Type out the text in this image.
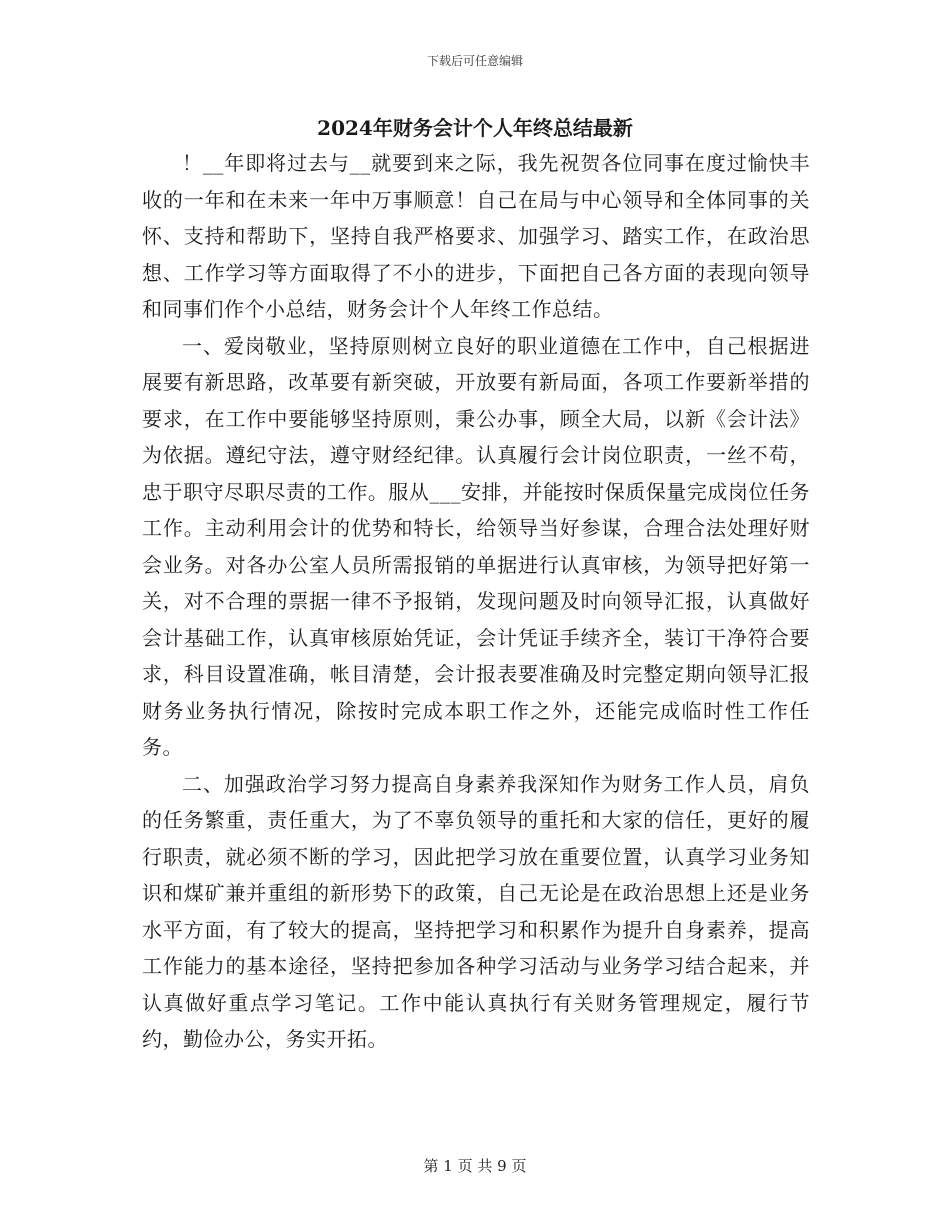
下载后可任意编辑
2024年财务会计个人年终总结最新

！__年即将过去与__就要到来之际，我先祝贺各位同事在度过愉快丰收的一年和在未来一年中万事顺意！自己在局与中心领导和全体同事的关怀、支持和帮助下，坚持自我严格要求、加强学习、踏实工作，在政治思想、工作学习等方面取得了不小的进步，下面把自己各方面的表现向领导和同事们作个小总结，财务会计个人年终工作总结。

一、爱岗敬业，坚持原则树立良好的职业道德在工作中，自己根据进展要有新思路，改革要有新突破，开放要有新局面，各项工作要新举措的要求，在工作中要能够坚持原则，秉公办事，顾全大局，以新《会计法》为依据。遵纪守法，遵守财经纪律。认真履行会计岗位职责，一丝不苟，忠于职守尽职尽责的工作。服从___安排，并能按时保质保量完成岗位任务工作。主动利用会计的优势和特长，给领导当好参谋，合理合法处理好财会业务。对各办公室人员所需报销的单据进行认真审核，为领导把好第一关，对不合理的票据一律不予报销，发现问题及时向领导汇报，认真做好会计基础工作，认真审核原始凭证，会计凭证手续齐全，装订干净符合要求，科目设置准确，帐目清楚，会计报表要准确及时完整定期向领导汇报财务业务执行情况，除按时完成本职工作之外，还能完成临时性工作任务。

二、加强政治学习努力提高自身素养我深知作为财务工作人员，肩负的任务繁重，责任重大，为了不辜负领导的重托和大家的信任，更好的履行职责，就必须不断的学习，因此把学习放在重要位置，认真学习业务知识和煤矿兼并重组的新形势下的政策，自己无论是在政治思想上还是业务水平方面，有了较大的提高，坚持把学习和积累作为提升自身素养，提高工作能力的基本途径，坚持把参加各种学习活动与业务学习结合起来，并认真做好重点学习笔记。工作中能认真执行有关财务管理规定，履行节约，勤俭办公，务实开拓。

第 1 页 共 9 页
